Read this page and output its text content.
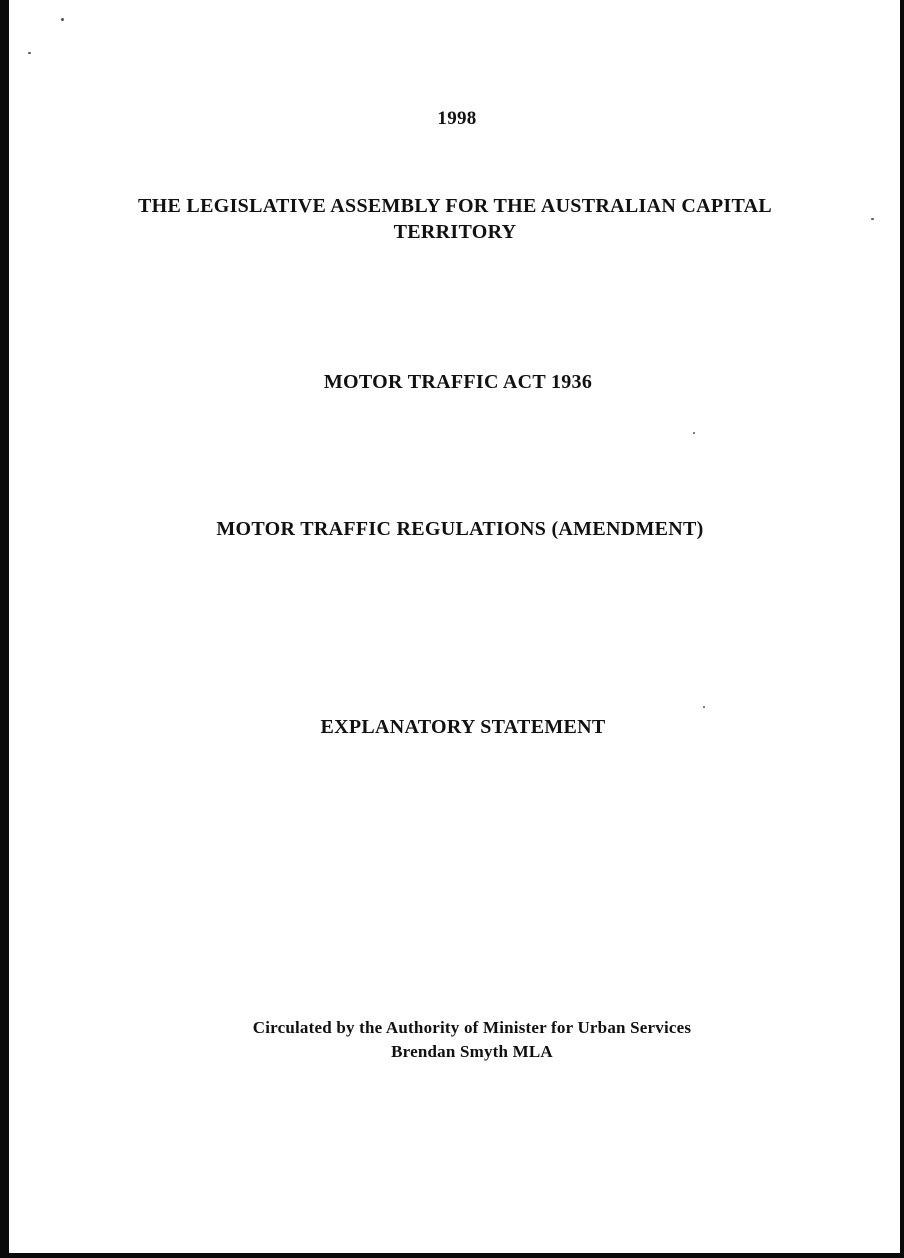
1998
THE LEGISLATIVE ASSEMBLY FOR THE AUSTRALIAN CAPITAL
TERRITORY
MOTOR TRAFFIC ACT 1936
MOTOR TRAFFIC REGULATIONS (AMENDMENT)
EXPLANATORY STATEMENT
Circulated by the Authority of Minister for Urban Services
Brendan Smyth MLA
